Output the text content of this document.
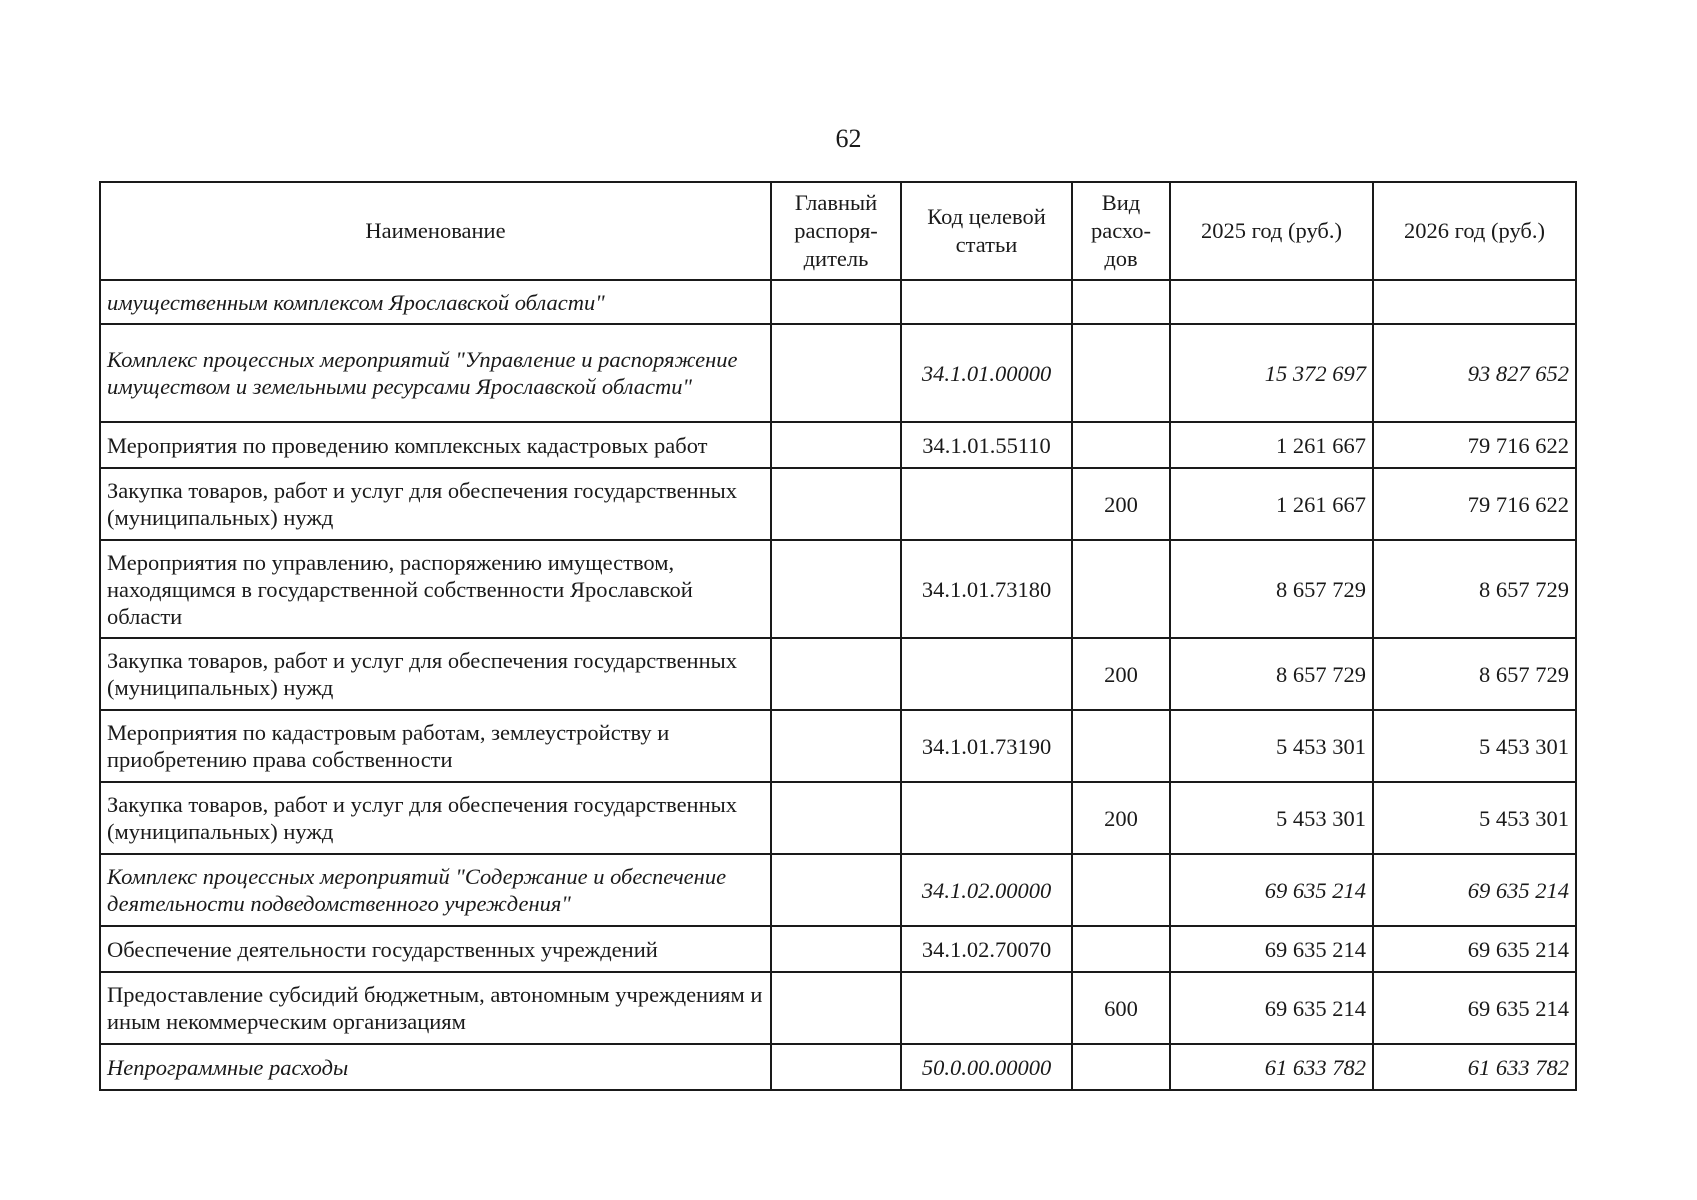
62
Наименование	Главный распоря-дитель	Код целевой статьи	Вид расхо-дов	2025 год (руб.)	2026 год (руб.)
имущественным комплексом Ярославской области"					
Комплекс процессных мероприятий "Управление и распоряжение имуществом и земельными ресурсами Ярославской области"		34.1.01.00000		15 372 697	93 827 652
Мероприятия по проведению комплексных кадастровых работ		34.1.01.55110		1 261 667	79 716 622
Закупка товаров, работ и услуг для обеспечения государственных (муниципальных) нужд			200	1 261 667	79 716 622
Мероприятия по управлению, распоряжению имуществом, находящимся в государственной собственности Ярославской области		34.1.01.73180		8 657 729	8 657 729
Закупка товаров, работ и услуг для обеспечения государственных (муниципальных) нужд			200	8 657 729	8 657 729
Мероприятия по кадастровым работам, землеустройству и приобретению права собственности		34.1.01.73190		5 453 301	5 453 301
Закупка товаров, работ и услуг для обеспечения государственных (муниципальных) нужд			200	5 453 301	5 453 301
Комплекс процессных мероприятий "Содержание и обеспечение деятельности подведомственного учреждения"		34.1.02.00000		69 635 214	69 635 214
Обеспечение деятельности государственных учреждений		34.1.02.70070		69 635 214	69 635 214
Предоставление субсидий бюджетным, автономным учреждениям и иным некоммерческим организациям			600	69 635 214	69 635 214
Непрограммные расходы		50.0.00.00000		61 633 782	61 633 782
